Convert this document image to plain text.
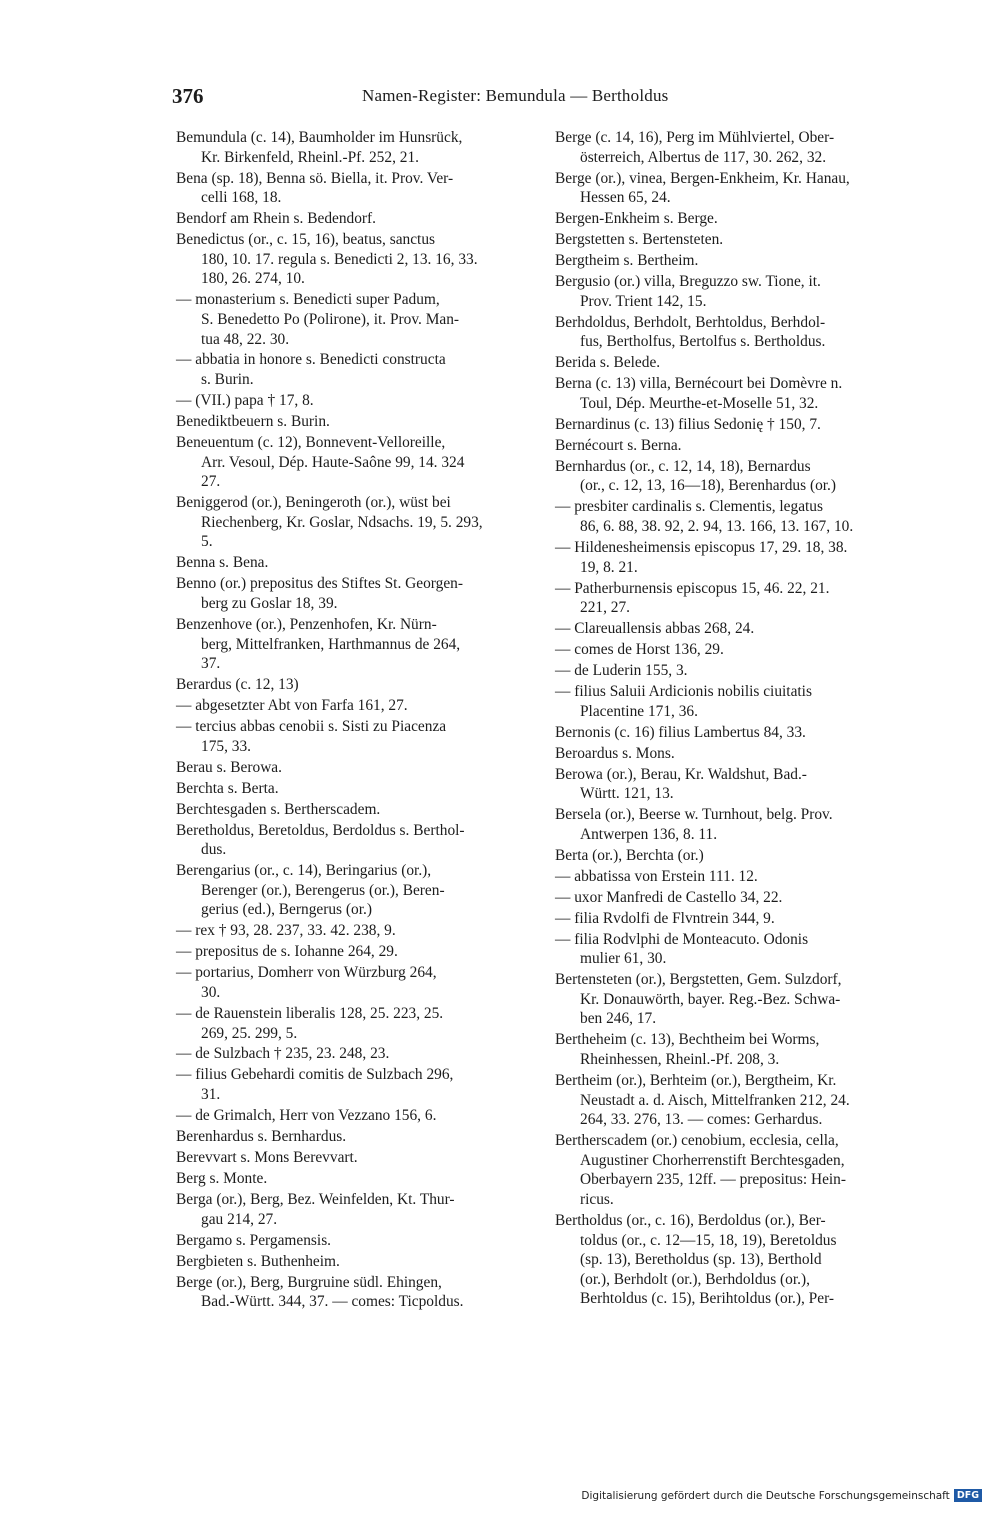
376	Namen-Register: Bemundula — Bertholdus

Bemundula (c. 14), Baumholder im Hunsrück,
Kr. Birkenfeld, Rheinl.-Pf. 252, 21.

Bena (sp. 18), Benna sö. Biella, it. Prov. Ver-
celli 168, 18.

Bendorf am Rhein s. Bedendorf.

Benedictus (or., c. 15, 16), beatus, sanctus
180, 10. 17. regula s. Benedicti 2, 13. 16, 33.
180, 26. 274, 10.

— monasterium s. Benedicti super Padum,
S. Benedetto Po (Polirone), it. Prov. Man-
tua 48, 22. 30.

— abbatia in honore s. Benedicti constructa
s. Burin.

— (VII.) papa † 17, 8.

Benediktbeuern s. Burin.

Beneuentum (c. 12), Bonnevent-Velloreille,
Arr. Vesoul, Dép. Haute-Saône 99, 14. 324
27.

Beniggerod (or.), Beningeroth (or.), wüst bei
Riechenberg, Kr. Goslar, Ndsachs. 19, 5. 293,
5.

Benna s. Bena.

Benno (or.) prepositus des Stiftes St. Georgen-
berg zu Goslar 18, 39.

Benzenhove (or.), Penzenhofen, Kr. Nürn-
berg, Mittelfranken, Harthmannus de 264,
37.

Berardus (c. 12, 13)

— abgesetzter Abt von Farfa 161, 27.

— tercius abbas cenobii s. Sisti zu Piacenza
175, 33.

Berau s. Berowa.

Berchta s. Berta.

Berchtesgaden s. Bertherscadem.

Beretholdus, Beretoldus, Berdoldus s. Berthol-
dus.

Berengarius (or., c. 14), Beringarius (or.),
Berenger (or.), Berengerus (or.), Beren-
gerius (ed.), Berngerus (or.)

— rex † 93, 28. 237, 33. 42. 238, 9.

— prepositus de s. Iohanne 264, 29.

— portarius, Domherr von Würzburg 264,
30.

— de Rauenstein liberalis 128, 25. 223, 25.
269, 25. 299, 5.

— de Sulzbach † 235, 23. 248, 23.

— filius Gebehardi comitis de Sulzbach 296,
31.

— de Grimalch, Herr von Vezzano 156, 6.

Berenhardus s. Bernhardus.

Berevvart s. Mons Berevvart.

Berg s. Monte.

Berga (or.), Berg, Bez. Weinfelden, Kt. Thur-
gau 214, 27.

Bergamo s. Pergamensis.

Bergbieten s. Buthenheim.

Berge (or.), Berg, Burgruine südl. Ehingen,
Bad.-Württ. 344, 37. — comes: Ticpoldus.

Berge (c. 14, 16), Perg im Mühlviertel, Ober-
österreich, Albertus de 117, 30. 262, 32.

Berge (or.), vinea, Bergen-Enkheim, Kr. Hanau,
Hessen 65, 24.

Bergen-Enkheim s. Berge.

Bergstetten s. Bertensteten.

Bergtheim s. Bertheim.

Bergusio (or.) villa, Breguzzo sw. Tione, it.
Prov. Trient 142, 15.

Berhdoldus, Berhdolt, Berhtoldus, Berhdol-
fus, Bertholfus, Bertolfus s. Bertholdus.

Berida s. Belede.

Berna (c. 13) villa, Bernécourt bei Domèvre n.
Toul, Dép. Meurthe-et-Moselle 51, 32.

Bernardinus (c. 13) filius Sedonię † 150, 7.

Bernécourt s. Berna.

Bernhardus (or., c. 12, 14, 18), Bernardus
(or., c. 12, 13, 16—18), Berenhardus (or.)

— presbiter cardinalis s. Clementis, legatus
86, 6. 88, 38. 92, 2. 94, 13. 166, 13. 167, 10.

— Hildenesheimensis episcopus 17, 29. 18, 38.
19, 8. 21.

— Patherburnensis episcopus 15, 46. 22, 21.
221, 27.

— Clareuallensis abbas 268, 24.

— comes de Horst 136, 29.

— de Luderin 155, 3.

— filius Saluii Ardicionis nobilis ciuitatis
Placentine 171, 36.

Bernonis (c. 16) filius Lambertus 84, 33.

Beroardus s. Mons.

Berowa (or.), Berau, Kr. Waldshut, Bad.-
Württ. 121, 13.

Bersela (or.), Beerse w. Turnhout, belg. Prov.
Antwerpen 136, 8. 11.

Berta (or.), Berchta (or.)

— abbatissa von Erstein 111. 12.

— uxor Manfredi de Castello 34, 22.

— filia Rvdolfi de Flvntrein 344, 9.

— filia Rodvlphi de Monteacuto. Odonis
mulier 61, 30.

Bertensteten (or.), Bergstetten, Gem. Sulzdorf,
Kr. Donauwörth, bayer. Reg.-Bez. Schwa-
ben 246, 17.

Bertheheim (c. 13), Bechtheim bei Worms,
Rheinhessen, Rheinl.-Pf. 208, 3.

Bertheim (or.), Berhteim (or.), Bergtheim, Kr.
Neustadt a. d. Aisch, Mittelfranken 212, 24.
264, 33. 276, 13. — comes: Gerhardus.

Bertherscadem (or.) cenobium, ecclesia, cella,
Augustiner Chorherrenstift Berchtesgaden,
Oberbayern 235, 12ff. — prepositus: Hein-
ricus.

Bertholdus (or., c. 16), Berdoldus (or.), Ber-
toldus (or., c. 12—15, 18, 19), Beretoldus
(sp. 13), Beretholdus (sp. 13), Berthold
(or.), Berhdolt (or.), Berhdoldus (or.),
Berhtoldus (c. 15), Berihtoldus (or.), Per-

Digitalisierung gefördert durch die Deutsche Forschungsgemeinschaft DFG
